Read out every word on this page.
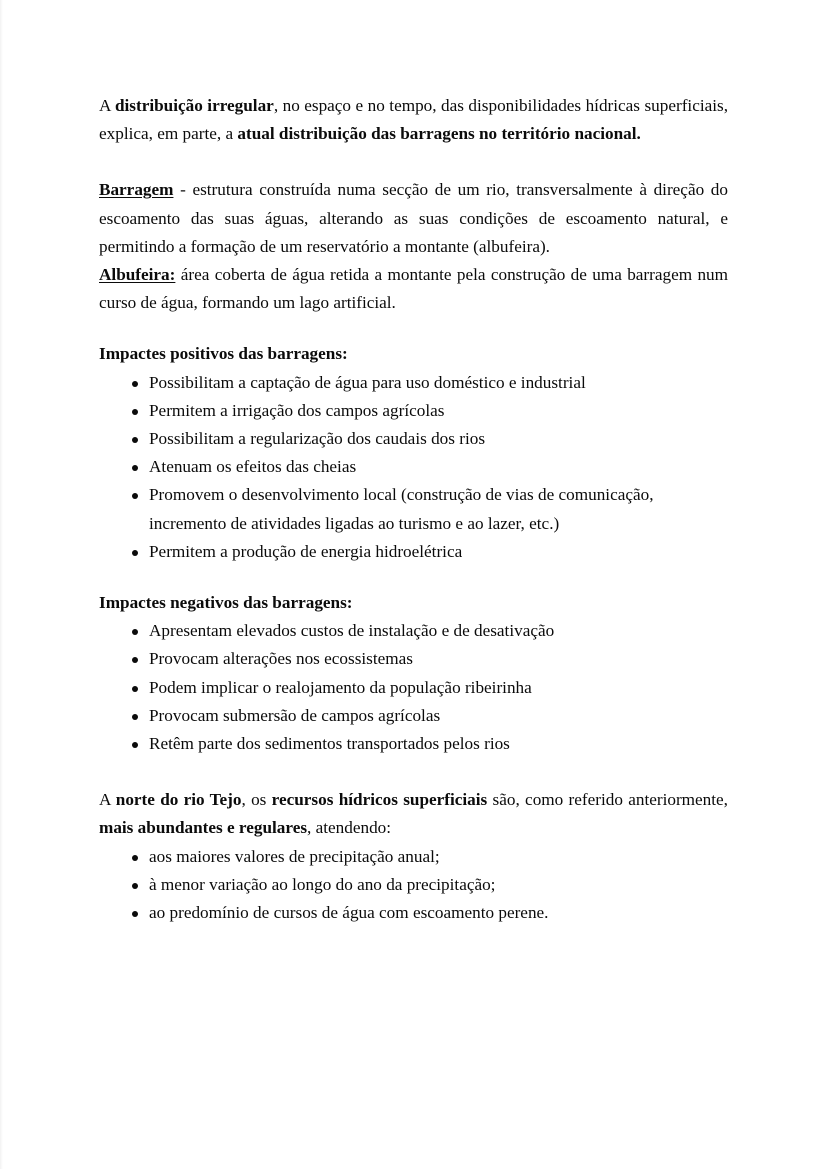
A distribuição irregular, no espaço e no tempo, das disponibilidades hídricas superficiais, explica, em parte, a atual distribuição das barragens no território nacional.

Barragem - estrutura construída numa secção de um rio, transversalmente à direção do escoamento das suas águas, alterando as suas condições de escoamento natural, e permitindo a formação de um reservatório a montante (albufeira).

Albufeira: área coberta de água retida a montante pela construção de uma barragem num curso de água, formando um lago artificial.

Impactes positivos das barragens:
Possibilitam a captação de água para uso doméstico e industrial
Permitem a irrigação dos campos agrícolas
Possibilitam a regularização dos caudais dos rios
Atenuam os efeitos das cheias
Promovem o desenvolvimento local (construção de vias de comunicação, incremento de atividades ligadas ao turismo e ao lazer, etc.)
Permitem a produção de energia hidroelétrica
Impactes negativos das barragens:
Apresentam elevados custos de instalação e de desativação
Provocam alterações nos ecossistemas
Podem implicar o realojamento da população ribeirinha
Provocam submersão de campos agrícolas
Retêm parte dos sedimentos transportados pelos rios

A norte do rio Tejo, os recursos hídricos superficiais são, como referido anteriormente, mais abundantes e regulares, atendendo:

aos maiores valores de precipitação anual;
à menor variação ao longo do ano da precipitação;
ao predomínio de cursos de água com escoamento perene.
